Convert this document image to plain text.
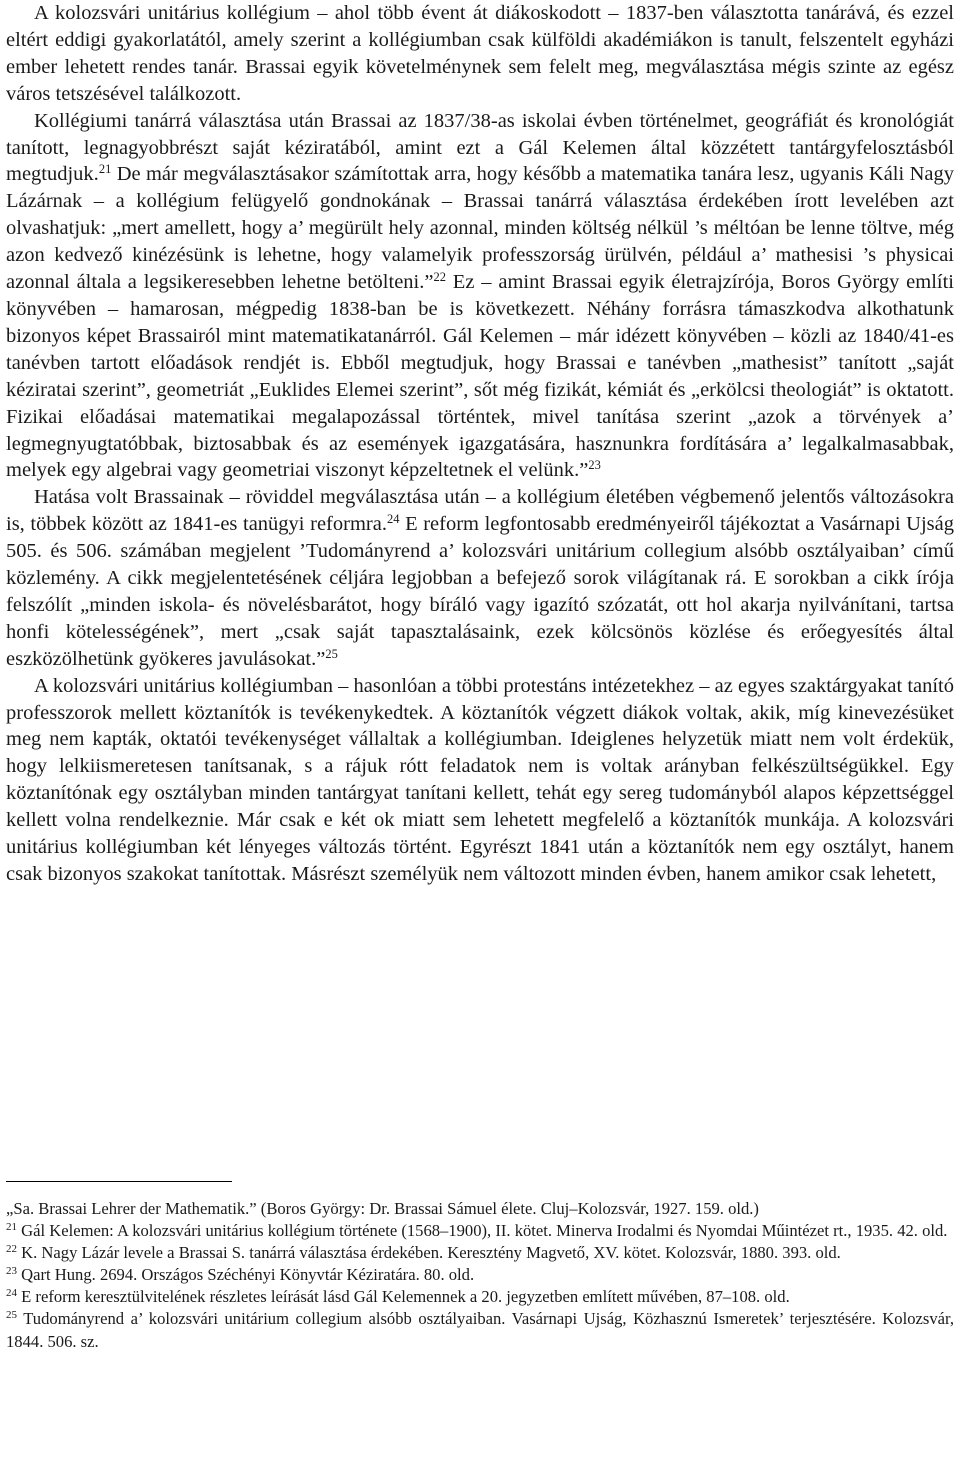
A kolozsvári unitárius kollégium – ahol több évent át diákoskodott – 1837-ben választotta tanárává, és ezzel eltért eddigi gyakorlatától, amely szerint a kollégiumban csak külföldi akadémiákon is tanult, felszentelt egyházi ember lehetett rendes tanár. Brassai egyik követelménynek sem felelt meg, megválasztása mégis szinte az egész város tetszésével találkozott.

Kollégiumi tanárrá választása után Brassai az 1837/38-as iskolai évben történelmet, geográfiát és kronológiát tanított, legnagyobbrészt saját kéziratából, amint ezt a Gál Kelemen által közzétett tantárgyfelosztásból megtudjuk.$^{21}$ De már megválasztásakor számítottak arra, hogy később a matematika tanára lesz, ugyanis Káli Nagy Lázárnak – a kollégium felügyelő gondnokának – Brassai tanárrá választása érdekében írott levelében azt olvashatjuk: „mert amellett, hogy a’ megürült hely azonnal, minden költség nélkül ’s méltóan be lenne töltve, még azon kedvező kinézésünk is lehetne, hogy valamelyik professzorság ürülvén, például a’ mathesisi ’s physicai azonnal általa a legsikeresebben lehetne betölteni.”$^{22}$ Ez – amint Brassai egyik életrajzírója, Boros György említi könyvében – hamarosan, mégpedig 1838-ban be is következett. Néhány forrásra támaszkodva alkothatunk bizonyos képet Brassairól mint matematikatanárról. Gál Kelemen – már idézett könyvében – közli az 1840/41-es tanévben tartott előadások rendjét is. Ebből megtudjuk, hogy Brassai e tanévben „mathesist” tanított „saját kéziratai szerint”, geometriát „Euklides Elemei szerint”, sőt még fizikát, kémiát és „erkölcsi theologiát” is oktatott. Fizikai előadásai matematikai megalapozással történtek, mivel tanítása szerint „azok a törvények a’ legmegnyugtatóbbak, biztosabbak és az események igazgatására, hasznunkra fordítására a’ legalkalmasabbak, melyek egy algebrai vagy geometriai viszonyt képzeltetnek el velünk.”$^{23}$

Hatása volt Brassainak – röviddel megválasztása után – a kollégium életében végbemenő jelentős változásokra is, többek között az 1841-es tanügyi reformra.$^{24}$ E reform legfontosabb eredményeiről tájékoztat a Vasárnapi Ujság 505. és 506. számában megjelent ’Tudományrend a’ kolozsvári unitárium collegium alsóbb osztályaiban’ című közlemény. A cikk megjelentetésének céljára legjobban a befejező sorok világítanak rá. E sorokban a cikk írója felszólít „minden iskola- és növelésbarátot, hogy bíráló vagy igazító szózatát, ott hol akarja nyilvánítani, tartsa honfi kötelességének”, mert „csak saját tapasztalásaink, ezek kölcsönös közlése és erőegyesítés által eszközölhetünk gyökeres javulásokat.”$^{25}$

A kolozsvári unitárius kollégiumban – hasonlóan a többi protestáns intézetekhez – az egyes szaktárgyakat tanító professzorok mellett köztanítók is tevékenykedtek. A köztanítók végzett diákok voltak, akik, míg kinevezésüket meg nem kapták, oktatói tevékenységet vállaltak a kollégiumban. Ideiglenes helyzetük miatt nem volt érdekük, hogy lelkiismeretesen tanítsanak, s a rájuk rótt feladatok nem is voltak arányban felkészültségükkel. Egy köztanítónak egy osztályban minden tantárgyat tanítani kellett, tehát egy sereg tudományból alapos képzettséggel kellett volna rendelkeznie. Már csak e két ok miatt sem lehetett megfelelő a köztanítók munkája. A kolozsvári unitárius kollégiumban két lényeges változás történt. Egyrészt 1841 után a köztanítók nem egy osztályt, hanem csak bizonyos szakokat tanítottak. Másrészt személyük nem változott minden évben, hanem amikor csak lehetett,

„Sa. Brassai Lehrer der Mathematik.” (Boros György: Dr. Brassai Sámuel élete. Cluj–Kolozsvár, 1927. 159. old.)

$^{21}$ Gál Kelemen: A kolozsvári unitárius kollégium története (1568–1900), II. kötet. Minerva Irodalmi és Nyomdai Műintézet rt., 1935. 42. old.

$^{22}$ K. Nagy Lázár levele a Brassai S. tanárrá választása érdekében. Keresztény Magvető, XV. kötet. Kolozsvár, 1880. 393. old.

$^{23}$ Qart Hung. 2694. Országos Széchényi Könyvtár Kéziratára. 80. old.

$^{24}$ E reform keresztülvitelének részletes leírását lásd Gál Kelemennek a 20. jegyzetben említett művében, 87–108. old.

$^{25}$ Tudományrend a’ kolozsvári unitárium collegium alsóbb osztályaiban. Vasárnapi Ujság, Közhasznú Ismeretek’ terjesztésére. Kolozsvár, 1844. 506. sz.
